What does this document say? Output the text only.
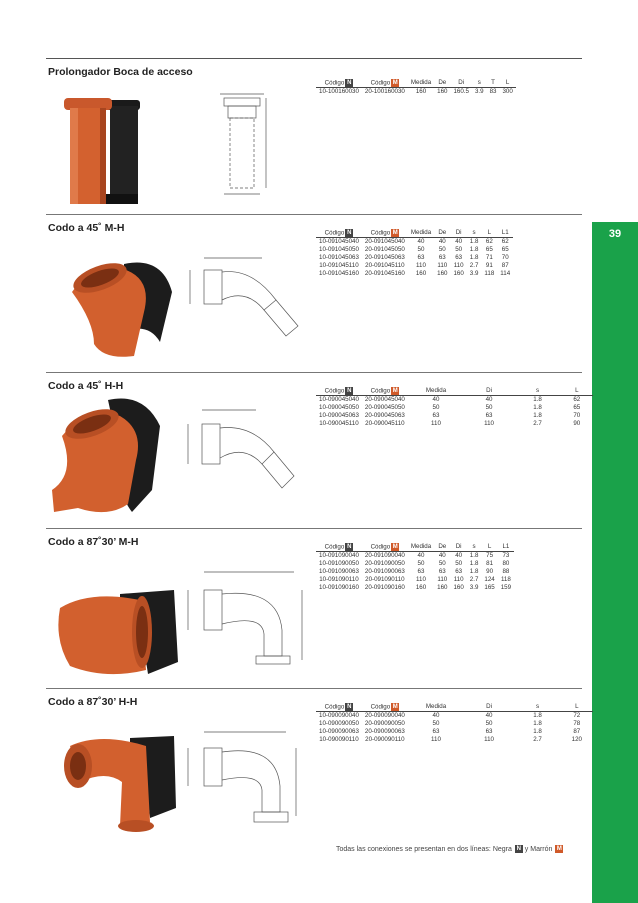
39
Prolongador Boca de acceso
Código N	Código M	Medida	De	Di	s	T	L
10-100160030	20-100160030	160	160	160.5	3.9	83	300
Codo a 45˚ M-H	Código N	Código M	Medida	De	Di	s	L	L1
10-091045040	20-091045040	40	40	40	1.8	62	62
10-091045050	20-091045050	50	50	50	1.8	65	65
10-091045063	20-091045063	63	63	63	1.8	71	70
10-091045110	20-091045110	110	110	110	2.7	91	87
10-091045160	20-091045160	160	160	160	3.9	118	114
Codo a 45˚ H-H	Código N	Código M	Medida	Di	s	L
10-090045040	20-090045040	40	40	1.8	62
10-090045050	20-090045050	50	50	1.8	65
10-090045063	20-090045063	63	63	1.8	70
10-090045110	20-090045110	110	110	2.7	90
Codo a 87˚30’ M-H	Código N	Código M	Medida	De	Di	s	L	L1
10-091090040	20-091090040	40	40	40	1.8	75	73
10-091090050	20-091090050	50	50	50	1.8	81	80
10-091090063	20-091090063	63	63	63	1.8	90	88
10-091090110	20-091090110	110	110	110	2.7	124	118
10-091090160	20-091090160	160	160	160	3.9	165	159
Codo a 87˚30’ H-H	Código N	Código M	Medida	Di	s	L
10-090090040	20-090090040	40	40	1.8	72
10-090090050	20-090090050	50	50	1.8	78
10-090090063	20-090090063	63	63	1.8	87
10-090090110	20-090090110	110	110	2.7	120
Todas las conexiones se presentan en dos líneas: Negra N y Marrón M
